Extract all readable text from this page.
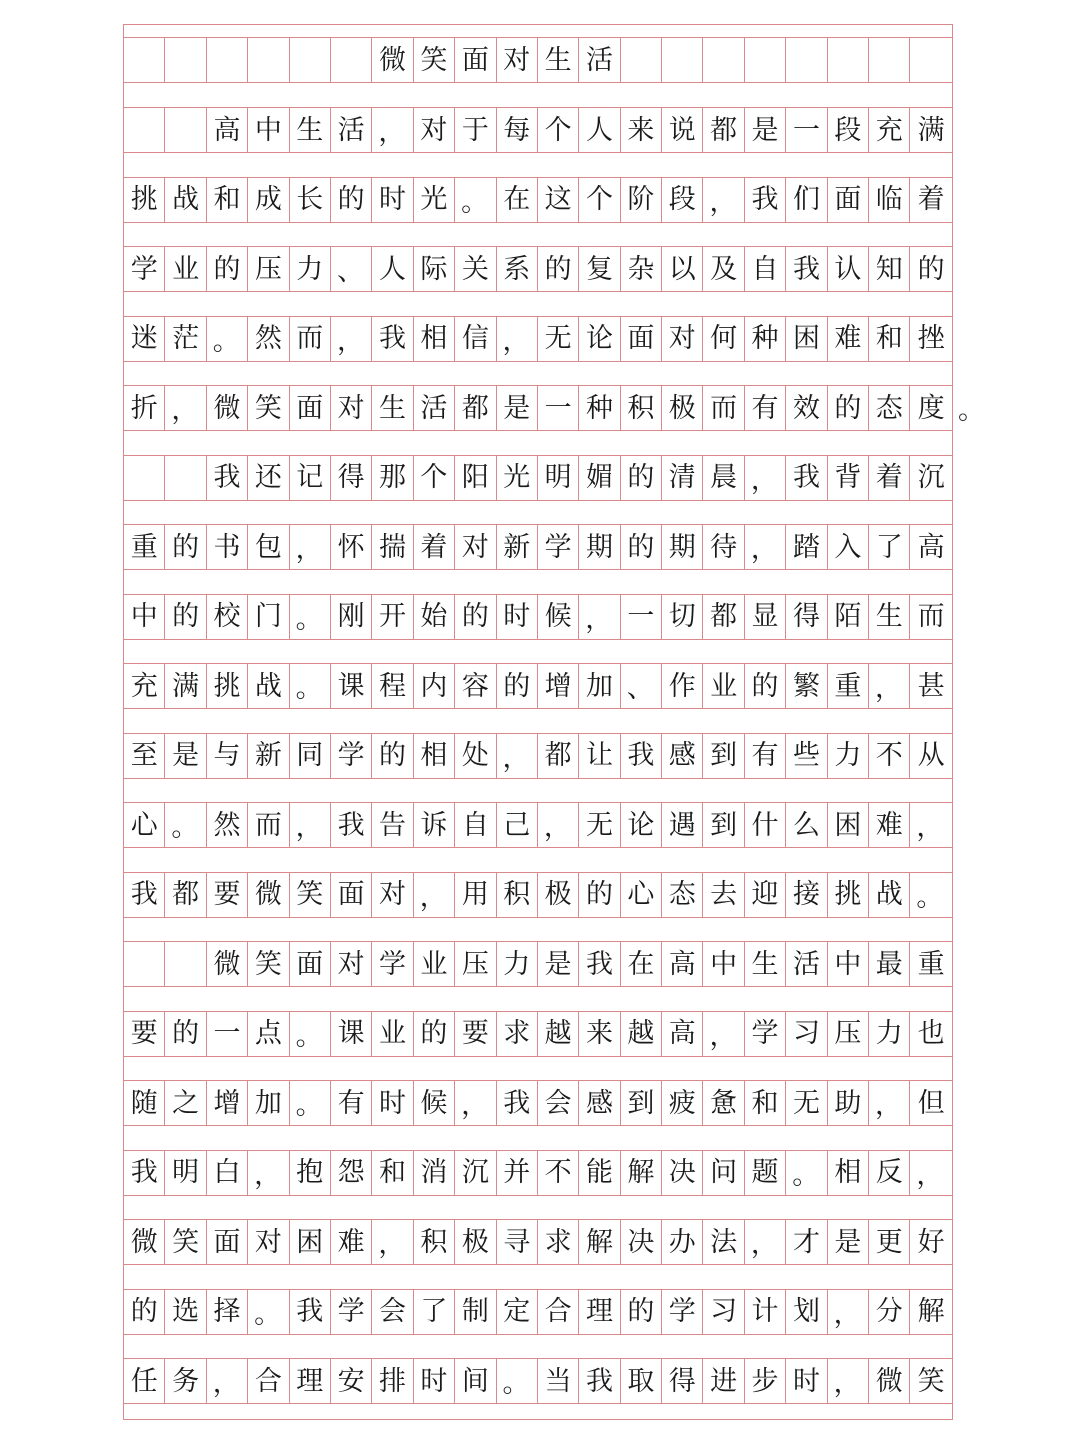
微 笑 面 对 生 活
高 中 生 活 ， 对 于 每 个 人 来 说 都 是 一 段 充 满
挑 战 和 成 长 的 时 光 。 在 这 个 阶 段 ， 我 们 面 临 着
学 业 的 压 力 、 人 际 关 系 的 复 杂 以 及 自 我 认 知 的
迷 茫 。 然 而 ， 我 相 信 ， 无 论 面 对 何 种 困 难 和 挫
折 ， 微 笑 面 对 生 活 都 是 一 种 积 极 而 有 效 的 态 度
我 还 记 得 那 个 阳 光 明 媚 的 清 晨 ， 我 背 着 沉
重 的 书 包 ， 怀 揣 着 对 新 学 期 的 期 待 ， 踏 入 了 高
中 的 校 门 。 刚 开 始 的 时 候 ， 一 切 都 显 得 陌 生 而
充 满 挑 战 。 课 程 内 容 的 增 加 、 作 业 的 繁 重 ， 甚
至 是 与 新 同 学 的 相 处 ， 都 让 我 感 到 有 些 力 不 从
心 。 然 而 ， 我 告 诉 自 己 ， 无 论 遇 到 什 么 困 难 ，
我 都 要 微 笑 面 对 ， 用 积 极 的 心 态 去 迎 接 挑 战 。
微 笑 面 对 学 业 压 力 是 我 在 高 中 生 活 中 最 重
要 的 一 点 。 课 业 的 要 求 越 来 越 高 ， 学 习 压 力 也
随 之 增 加 。 有 时 候 ， 我 会 感 到 疲 惫 和 无 助 ， 但
我 明 白 ， 抱 怨 和 消 沉 并 不 能 解 决 问 题 。 相 反 ，
微 笑 面 对 困 难 ， 积 极 寻 求 解 决 办 法 ， 才 是 更 好
的 选 择 。 我 学 会 了 制 定 合 理 的 学 习 计 划 ， 分 解
任 务 ， 合 理 安 排 时 间 。 当 我 取 得 进 步 时 ， 微 笑
。
